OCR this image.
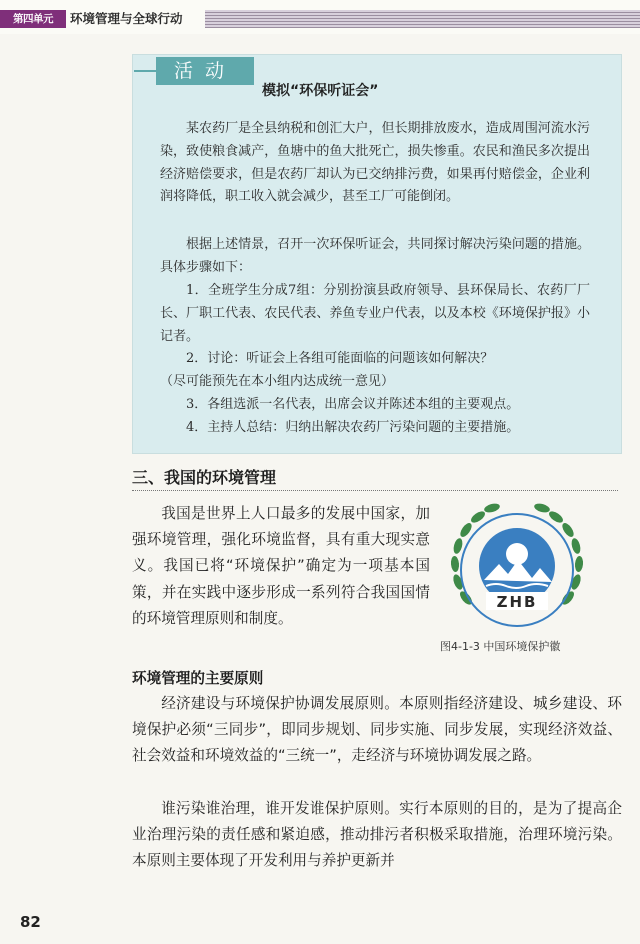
第四单元	环境管理与全球行动
活动
模拟“环保听证会”

某农药厂是全县纳税和创汇大户，但长期排放废水，造成周围河流水污染，致使粮食减产，鱼塘中的鱼大批死亡，损失惨重。农民和渔民多次提出经济赔偿要求，但是农药厂却认为已交纳排污费，如果再付赔偿金，企业利润将降低，职工收入就会减少，甚至工厂可能倒闭。

根据上述情景，召开一次环保听证会，共同探讨解决污染问题的措施。具体步骤如下：

1．全班学生分成7组：分别扮演县政府领导、县环保局长、农药厂厂长、厂职工代表、农民代表、养鱼专业户代表，以及本校《环境保护报》小记者。

2．讨论：听证会上各组可能面临的问题该如何解决？

（尽可能预先在本小组内达成统一意见）

3．各组选派一名代表，出席会议并陈述本组的主要观点。

4．主持人总结：归纳出解决农药厂污染问题的主要措施。

三、我国的环境管理

我国是世界上人口最多的发展中国家，加强环境管理，强化环境监督，具有重大现实意义。我国已将“环境保护”确定为一项基本国策，并在实践中逐步形成一系列符合我国国情的环境管理原则和制度。

ZHB
图4-1-3 中国环境保护徽
环境管理的主要原则

经济建设与环境保护协调发展原则。本原则指经济建设、城乡建设、环境保护必须“三同步”，即同步规划、同步实施、同步发展，实现经济效益、社会效益和环境效益的“三统一”，走经济与环境协调发展之路。

谁污染谁治理，谁开发谁保护原则。实行本原则的目的，是为了提高企业治理污染的责任感和紧迫感，推动排污者积极采取措施，治理环境污染。本原则主要体现了开发利用与养护更新并

82
